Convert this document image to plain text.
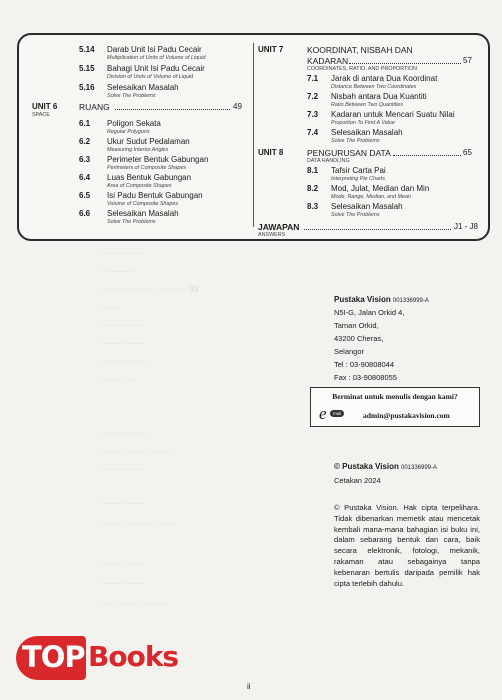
········· ········
··· ·········
·········· ·········· ··········· 33
·········
········· ········
·········· ·······
··········· ·······
········ ······
·········· ········
········· ········· ········
········· ·······
·········· ······
········· ··········· ········
·········· ······
········ ········
······· ········ ·········
5.14 Darab Unit Isi Padu Cecair
Multiplication of Units of Volume of Liquid
5.15 Bahagi Unit Isi Padu Cecair
Division of Units of Volume of Liquid
5.16 Selesaikan Masalah
Solve The Problems
UNIT 6	RUANG	49
SPACE
6.1 Poligon Sekata
Regular Polygons
6.2 Ukur Sudut Pedalaman
Measuring Interior Angles
6.3 Perimeter Bentuk Gabungan
Perimeters of Composite Shapes
6.4 Luas Bentuk Gabungan
Area of Composite Shapes
6.5 Isi Padu Bentuk Gabungan
Volume of Composite Shapes
6.6 Selesaikan Masalah
Solve The Problems
UNIT 7	KOORDINAT, NISBAH DAN
KADARAN	57
COORDINATES, RATIO, AND PROPORTION
7.1 Jarak di antara Dua Koordinat
Distance Between Two Coordinates
7.2 Nisbah antara Dua Kuantiti
Ratio Between Two Quantities
7.3 Kadaran untuk Mencari Suatu Nilai
Proportion To Find A Value
7.4 Selesaikan Masalah
Solve The Problems
UNIT 8	PENGURUSAN DATA	65
DATA HANDLING
8.1 Tafsir Carta Pai
Interpreting Pie Charts
8.2 Mod, Julat, Median dan Min
Mode, Range, Median, and Mean
8.3 Selesaikan Masalah
Solve The Problems
JAWAPAN	J1 - J8
ANSWERS
Pustaka Vision 001336999-A
N5I-G, Jalan Orkid 4,
Taman Orkid,
43200 Cheras,
Selangor
Tel : 03-90808044
Fax : 03-90808055
Berminat untuk menulis dengan kami?
e	mail	admin@pustakavision.com
© Pustaka Vision 001336999-A
Cetakan 2024
© Pustaka Vision. Hak cipta terpelihara. Tidak dibenarkan memetik atau mencetak kembali mana-mana bahagian isi buku ini, dalam sebarang bentuk dan cara, baik secara elektronik, fotologi, mekanik, rakaman atau sebagainya tanpa kebenaran bertulis daripada pemilik hak cipta terlebih dahulu.
TOP Books
ii
